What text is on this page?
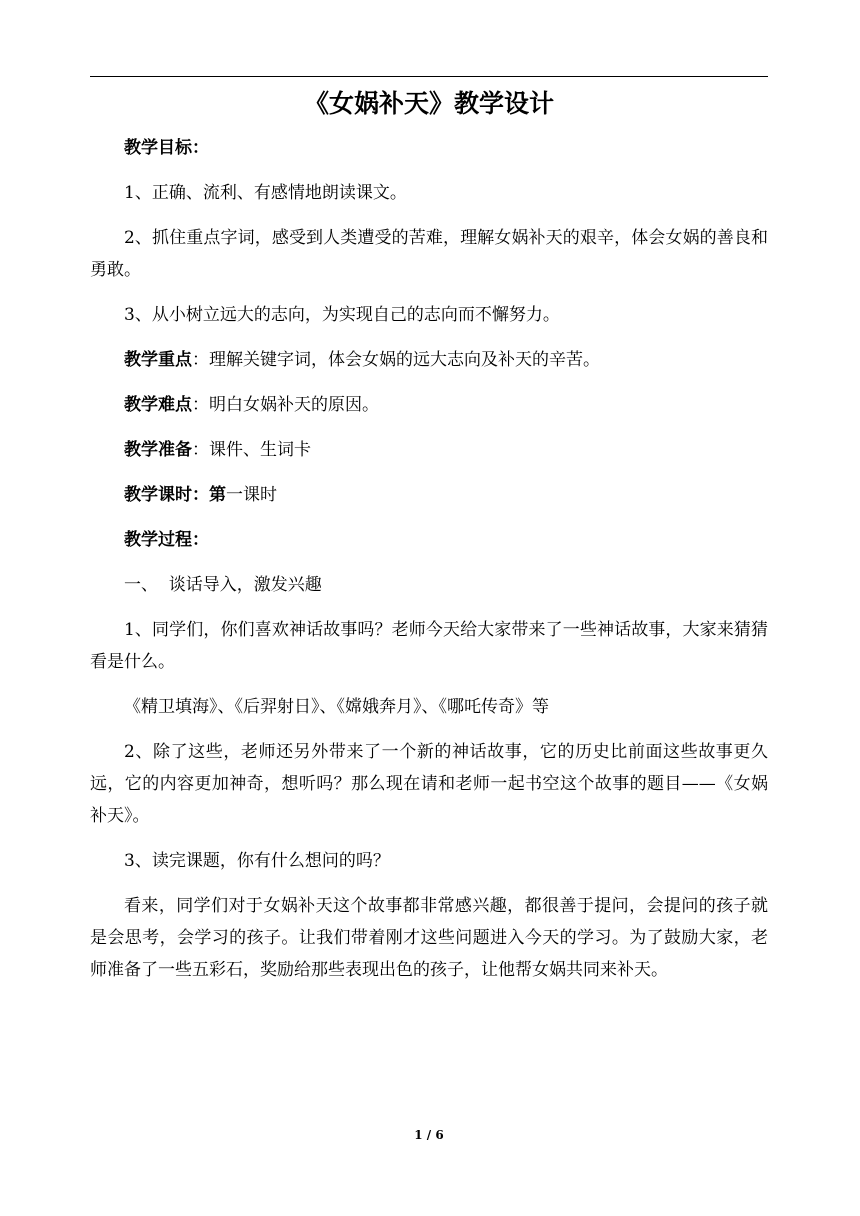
《女娲补天》教学设计

教学目标：

1、正确、流利、有感情地朗读课文。

2、抓住重点字词，感受到人类遭受的苦难，理解女娲补天的艰辛，体会女娲的善良和勇敢。

3、从小树立远大的志向，为实现自己的志向而不懈努力。

教学重点：理解关键字词，体会女娲的远大志向及补天的辛苦。

教学难点：明白女娲补天的原因。

教学准备：课件、生词卡

教学课时：第一课时

教学过程：

一、  谈话导入，激发兴趣

1、同学们，你们喜欢神话故事吗？老师今天给大家带来了一些神话故事，大家来猜猜看是什么。

《精卫填海》、《后羿射日》、《嫦娥奔月》、《哪吒传奇》等

2、除了这些，老师还另外带来了一个新的神话故事，它的历史比前面这些故事更久远，它的内容更加神奇，想听吗？那么现在请和老师一起书空这个故事的题目——《女娲补天》。

3、读完课题，你有什么想问的吗？

看来，同学们对于女娲补天这个故事都非常感兴趣，都很善于提问，会提问的孩子就是会思考，会学习的孩子。让我们带着刚才这些问题进入今天的学习。为了鼓励大家，老师准备了一些五彩石，奖励给那些表现出色的孩子，让他帮女娲共同来补天。

1 / 6
